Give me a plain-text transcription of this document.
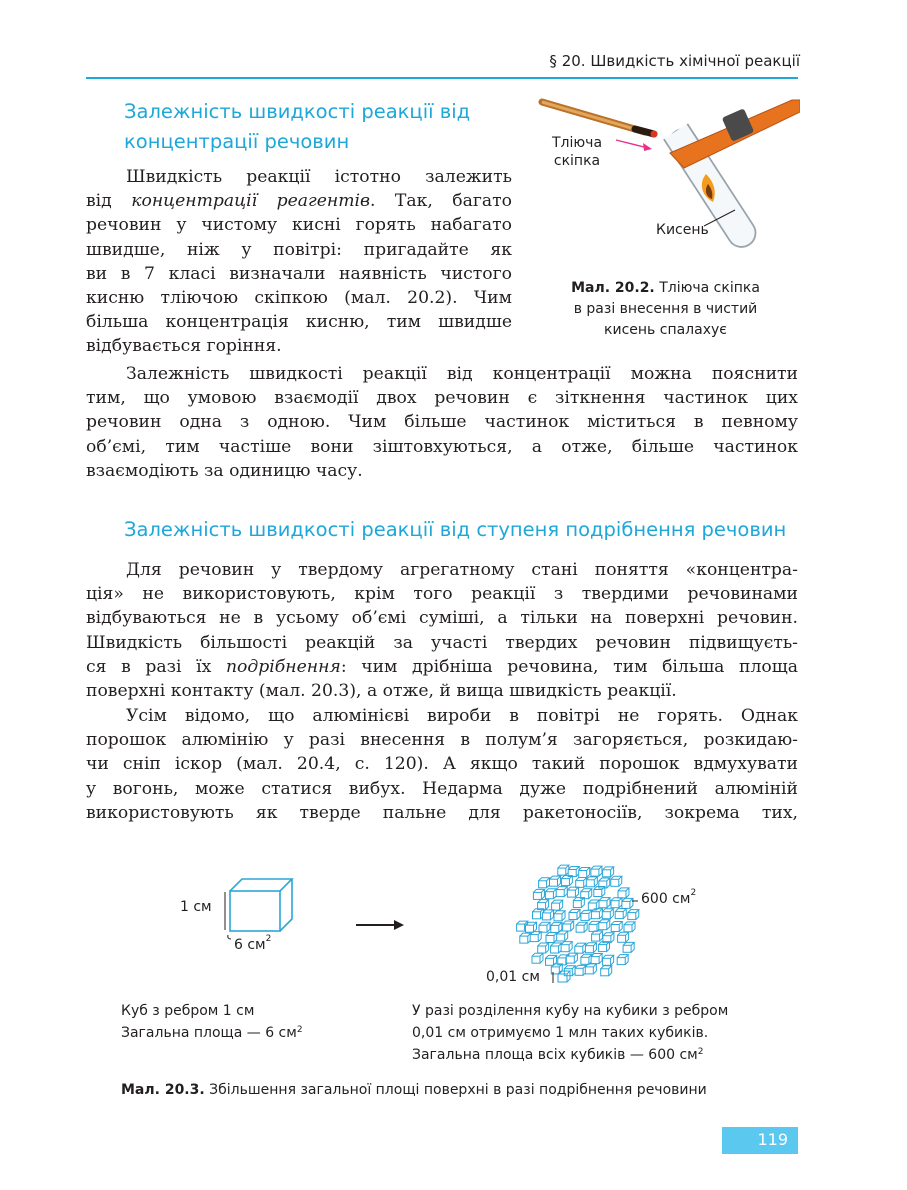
§ 20. Швидкість хімічної реакції
Залежність швидкості реакції від
концентрації речовин
Швидкість реакції істотно залежить
від концентрації реагентів. Так, багато
речовин у чистому кисні горять набагато
швидше, ніж у повітрі: пригадайте як
ви в 7 класі визначали наявність чистого
кисню тліючою скіпкою (мал. 20.2). Чим
більша концентрація кисню, тим швидше
відбувається горіння.
Тліюча
скіпка
Кисень
Мал. 20.2. Тліюча скіпка
в разі внесення в чистий
кисень спалахує
Залежність швидкості реакції від концентрації можна пояснити
тим, що умовою взаємодії двох речовин є зіткнення частинок цих
речовин одна з одною. Чим більше частинок міститься в певному
об’ємі, тим частіше вони зіштовхуються, а отже, більше частинок
взаємодіють за одиницю часу.
Залежність швидкості реакції від ступеня подрібнення речовин
Для речовин у твердому агрегатному стані поняття «концентра-
ція» не використовують, крім того реакції з твердими речовинами
відбуваються не в усьому об’ємі суміші, а тільки на поверхні речовин.
Швидкість більшості реакцій за участі твердих речовин підвищуєть-
ся в разі їх подрібнення: чим дрібніша речовина, тим більша площа
поверхні контакту (мал. 20.3), а отже, й вища швидкість реакції.
Усім відомо, що алюмінієві вироби в повітрі не горять. Однак
порошок алюмінію у разі внесення в полум’я загоряється, розкидаю-
чи сніп іскор (мал. 20.4, с. 120). А якщо такий порошок вдмухувати
у вогонь, може статися вибух. Недарма дуже подрібнений алюміній
використовують як тверде пальне для ракетоносіїв, зокрема тих,
1 см
6 $см^2$
600 $см^2$
0,01 см
Куб з ребром 1 см
Загальна площа — 6 $см^2$
У разі розділення кубу на кубики з ребром
0,01 см отримуємо 1 млн таких кубиків.
Загальна площа всіх кубиків — 600 $см^2$
Мал. 20.3. Збільшення загальної площі поверхні в разі подрібнення речовини
119
